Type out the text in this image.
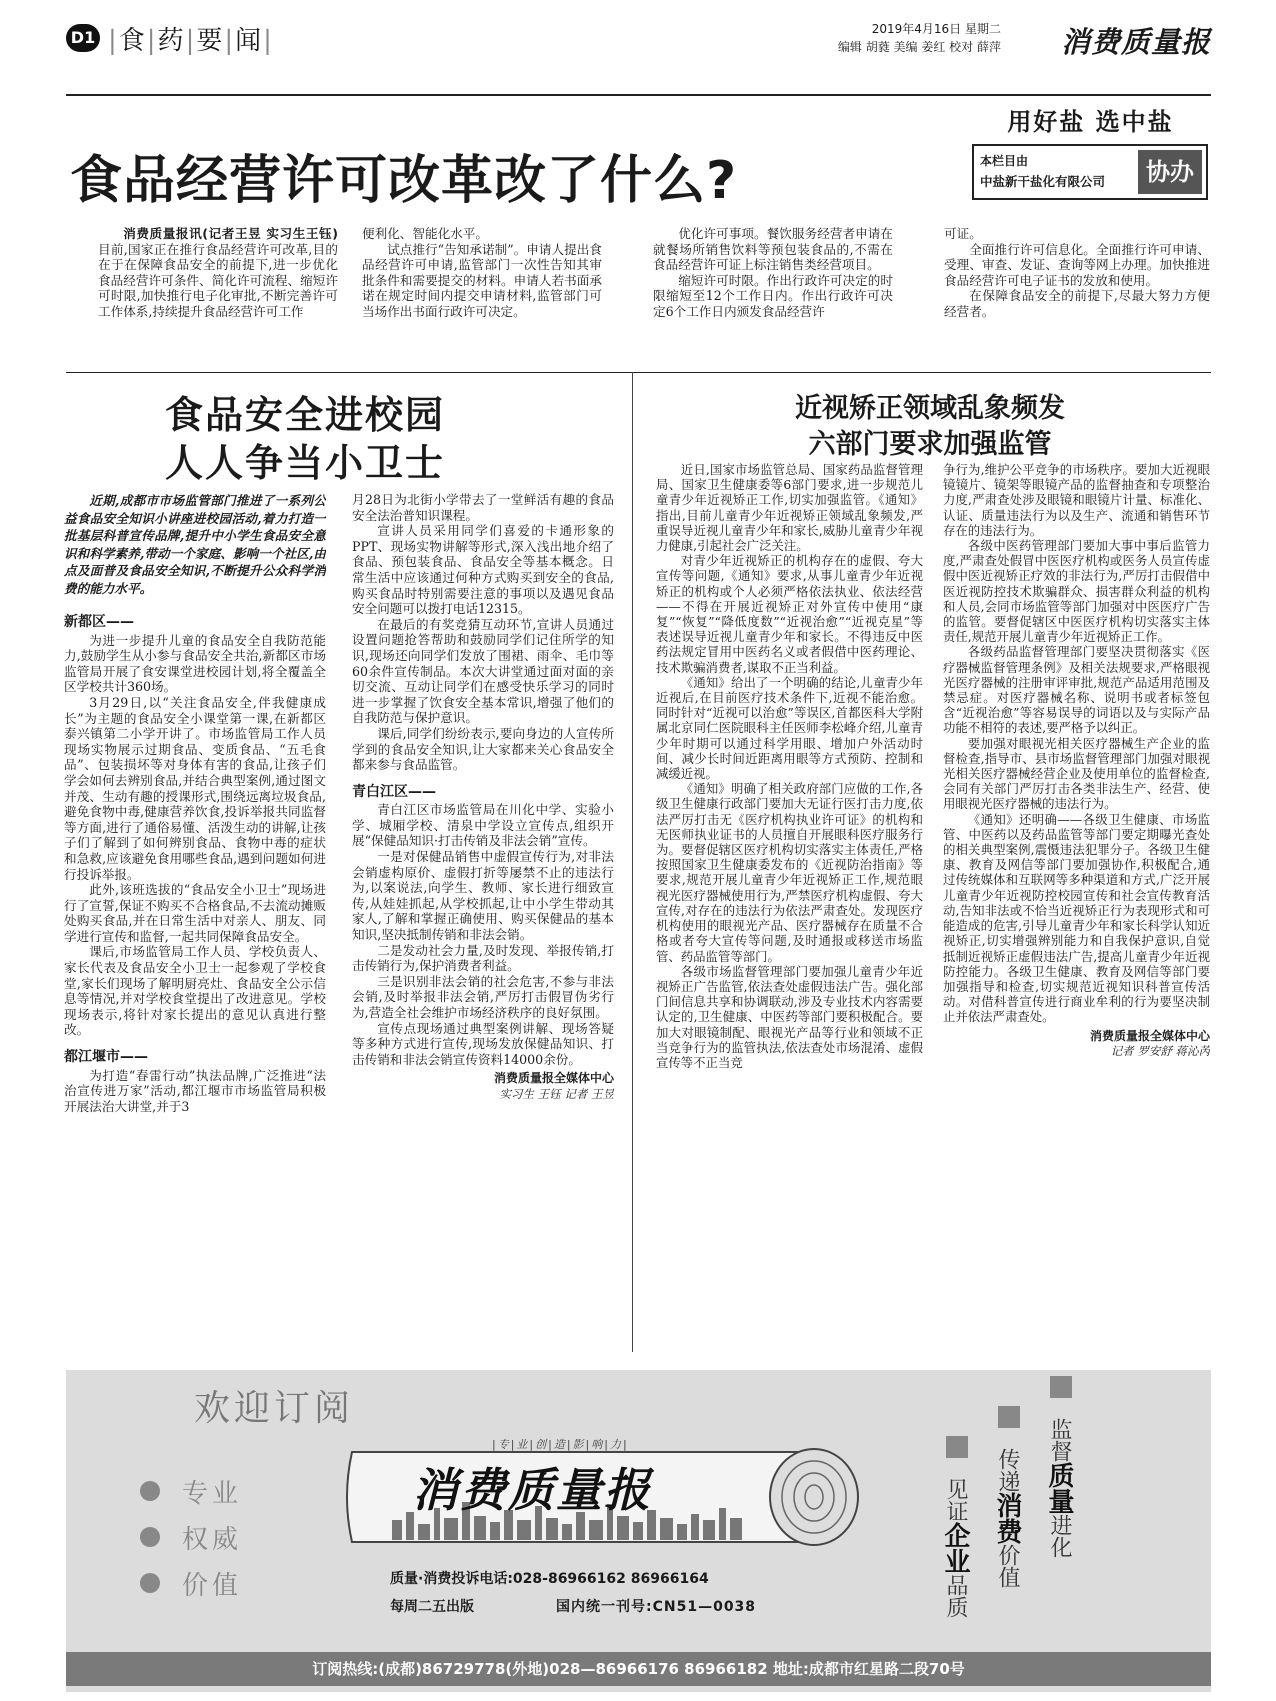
D1 |食|药|要|闻|	2019年4月16日 星期二
编辑 胡蕤 美编 姜红 校对 薛萍 消费质量报
用好盐 选中盐
本栏目由
中盐新干盐化有限公司	协办
食品经营许可改革改了什么?

消费质量报讯(记者王昱 实习生王钰)目前,国家正在推行食品经营许可改革,目的在于在保障食品安全的前提下,进一步优化食品经营许可条件、简化许可流程、缩短许可时限,加快推行电子化审批,不断完善许可工作体系,持续提升食品经营许可工作

便利化、智能化水平。

试点推行“告知承诺制”。申请人提出食品经营许可申请,监管部门一次性告知其审批条件和需要提交的材料。申请人若书面承诺在规定时间内提交申请材料,监管部门可当场作出书面行政许可决定。

优化许可事项。餐饮服务经营者申请在就餐场所销售饮料等预包装食品的,不需在食品经营许可证上标注销售类经营项目。

缩短许可时限。作出行政许可决定的时限缩短至12个工作日内。作出行政许可决定6个工作日内颁发食品经营许

可证。

全面推行许可信息化。全面推行许可申请、受理、审查、发证、查询等网上办理。加快推进食品经营许可电子证书的发放和使用。

在保障食品安全的前提下,尽最大努力方便经营者。

食品安全进校园
人人争当小卫士

近期,成都市市场监管部门推进了一系列公益食品安全知识小讲座进校园活动,着力打造一批基层科普宣传品牌,提升中小学生食品安全意识和科学素养,带动一个家庭、影响一个社区,由点及面普及食品安全知识,不断提升公众科学消费的能力水平。

新都区——

为进一步提升儿童的食品安全自我防范能力,鼓励学生从小参与食品安全共治,新都区市场监管局开展了食安课堂进校园计划,将全覆盖全区学校共计360场。

3月29日,以“关注食品安全,伴我健康成长”为主题的食品安全小课堂第一课,在新都区泰兴镇第二小学开讲了。市场监管局工作人员现场实物展示过期食品、变质食品、“五毛食品”、包装损坏等对身体有害的食品,让孩子们学会如何去辨别食品,并结合典型案例,通过图文并茂、生动有趣的授课形式,围绕远离垃圾食品,避免食物中毒,健康营养饮食,投诉举报共同监督等方面,进行了通俗易懂、活泼生动的讲解,让孩子们了解到了如何辨别食品、食物中毒的症状和急救,应该避免食用哪些食品,遇到问题如何进行投诉举报。

此外,该班选拔的“食品安全小卫士”现场进行了宣誓,保证不购买不合格食品,不去流动摊贩处购买食品,并在日常生活中对亲人、朋友、同学进行宣传和监督,一起共同保障食品安全。

课后,市场监管局工作人员、学校负责人、家长代表及食品安全小卫士一起参观了学校食堂,家长们现场了解明厨亮灶、食品安全公示信息等情况,并对学校食堂提出了改进意见。学校现场表示,将针对家长提出的意见认真进行整改。

都江堰市——

为打造“春雷行动”执法品牌,广泛推进“法治宣传进万家”活动,都江堰市市场监管局积极开展法治大讲堂,并于3

月28日为北街小学带去了一堂鲜活有趣的食品安全法治普知识课程。

宣讲人员采用同学们喜爱的卡通形象的PPT、现场实物讲解等形式,深入浅出地介绍了食品、预包装食品、食品安全等基本概念。日常生活中应该通过何种方式购买到安全的食品,购买食品时特别需要注意的事项以及遇见食品安全问题可以拨打电话12315。

在最后的有奖竞猜互动环节,宣讲人员通过设置问题抢答帮助和鼓励同学们记住所学的知识,现场还向同学们发放了围裙、雨伞、毛巾等60余件宣传制品。本次大讲堂通过面对面的亲切交流、互动让同学们在感受快乐学习的同时进一步掌握了饮食安全基本常识,增强了他们的自我防范与保护意识。

课后,同学们纷纷表示,要向身边的人宣传所学到的食品安全知识,让大家都来关心食品安全都来参与食品监管。

青白江区——

青白江区市场监管局在川化中学、实验小学、城厢学校、清泉中学设立宣传点,组织开展“保健品知识·打击传销及非法会销”宣传。

一是对保健品销售中虚假宣传行为,对非法会销虚构原价、虚假打折等屡禁不止的违法行为,以案说法,向学生、教师、家长进行细致宣传,从娃娃抓起,从学校抓起,让中小学生带动其家人,了解和掌握正确使用、购买保健品的基本知识,坚决抵制传销和非法会销。

二是发动社会力量,及时发现、举报传销,打击传销行为,保护消费者利益。

三是识别非法会销的社会危害,不参与非法会销,及时举报非法会销,严厉打击假冒伪劣行为,营造全社会维护市场经济秩序的良好氛围。

宣传点现场通过典型案例讲解、现场答疑等多种方式进行宣传,现场发放保健品知识、打击传销和非法会销宣传资料14000余份。

消费质量报全媒体中心
实习生 王钰 记者 王昱
近视矫正领域乱象频发
六部门要求加强监管

近日,国家市场监管总局、国家药品监督管理局、国家卫生健康委等6部门要求,进一步规范儿童青少年近视矫正工作,切实加强监管。《通知》指出,目前儿童青少年近视矫正领域乱象频发,严重误导近视儿童青少年和家长,威胁儿童青少年视力健康,引起社会广泛关注。

对青少年近视矫正的机构存在的虚假、夸大宣传等问题,《通知》要求,从事儿童青少年近视矫正的机构或个人必须严格依法执业、依法经营——不得在开展近视矫正对外宣传中使用“康复”“恢复”“降低度数”“近视治愈”“近视克星”等表述误导近视儿童青少年和家长。不得违反中医药法规定冒用中医药名义或者假借中医药理论、技术欺骗消费者,谋取不正当利益。

《通知》给出了一个明确的结论,儿童青少年近视后,在目前医疗技术条件下,近视不能治愈。同时针对“近视可以治愈”等误区,首都医科大学附属北京同仁医院眼科主任医师李松峰介绍,儿童青少年时期可以通过科学用眼、增加户外活动时间、减少长时间近距离用眼等方式预防、控制和减缓近视。

《通知》明确了相关政府部门应做的工作,各级卫生健康行政部门要加大无证行医打击力度,依法严厉打击无《医疗机构执业许可证》的机构和无医师执业证书的人员擅自开展眼科医疗服务行为。要督促辖区医疗机构切实落实主体责任,严格按照国家卫生健康委发布的《近视防治指南》等要求,规范开展儿童青少年近视矫正工作,规范眼视光医疗器械使用行为,严禁医疗机构虚假、夸大宣传,对存在的违法行为依法严肃查处。发现医疗机构使用的眼视光产品、医疗器械存在质量不合格或者夸大宣传等问题,及时通报或移送市场监管、药品监管等部门。

各级市场监督管理部门要加强儿童青少年近视矫正广告监管,依法查处虚假违法广告。强化部门间信息共享和协调联动,涉及专业技术内容需要认定的,卫生健康、中医药等部门要积极配合。要加大对眼镜制配、眼视光产品等行业和领域不正当竞争行为的监管执法,依法查处市场混淆、虚假宣传等不正当竞

争行为,维护公平竞争的市场秩序。要加大近视眼镜镜片、镜架等眼镜产品的监督抽查和专项整治力度,严肃查处涉及眼镜和眼镜片计量、标准化、认证、质量违法行为以及生产、流通和销售环节存在的违法行为。

各级中医药管理部门要加大事中事后监管力度,严肃查处假冒中医医疗机构或医务人员宣传虚假中医近视矫正疗效的非法行为,严厉打击假借中医近视防控技术欺骗群众、损害群众利益的机构和人员,会同市场监管等部门加强对中医医疗广告的监管。要督促辖区中医医疗机构切实落实主体责任,规范开展儿童青少年近视矫正工作。

各级药品监督管理部门要坚决贯彻落实《医疗器械监督管理条例》及相关法规要求,严格眼视光医疗器械的注册审评审批,规范产品适用范围及禁忌症。对医疗器械名称、说明书或者标签包含“近视治愈”等容易误导的词语以及与实际产品功能不相符的表述,要严格予以纠正。

要加强对眼视光相关医疗器械生产企业的监督检查,指导市、县市场监督管理部门加强对眼视光相关医疗器械经营企业及使用单位的监督检查,会同有关部门严厉打击各类非法生产、经营、使用眼视光医疗器械的违法行为。

《通知》还明确——各级卫生健康、市场监管、中医药以及药品监管等部门要定期曝光查处的相关典型案例,震慑违法犯罪分子。各级卫生健康、教育及网信等部门要加强协作,积极配合,通过传统媒体和互联网等多种渠道和方式,广泛开展儿童青少年近视防控校园宣传和社会宣传教育活动,告知非法或不恰当近视矫正行为表现形式和可能造成的危害,引导儿童青少年和家长科学认知近视矫正,切实增强辨别能力和自我保护意识,自觉抵制近视矫正虚假违法广告,提高儿童青少年近视防控能力。各级卫生健康、教育及网信等部门要加强指导和检查,切实规范近视知识科普宣传活动。对借科普宣传进行商业牟利的行为要坚决制止并依法严肃查处。

消费质量报全媒体中心
记者 罗安舒 蒋沁芮
欢迎订阅
专业
权威
价值
|专|业|创|造|影|响|力|
消费质量报
质量·消费投诉电话:028-86966162 86966164
每周二五出版	国内统一刊号:CN51—0038
见证企业品质
传递消费价值
监督质量进化
订阅热线:(成都)86729778(外地)028—86966176 86966182 地址:成都市红星路二段70号
